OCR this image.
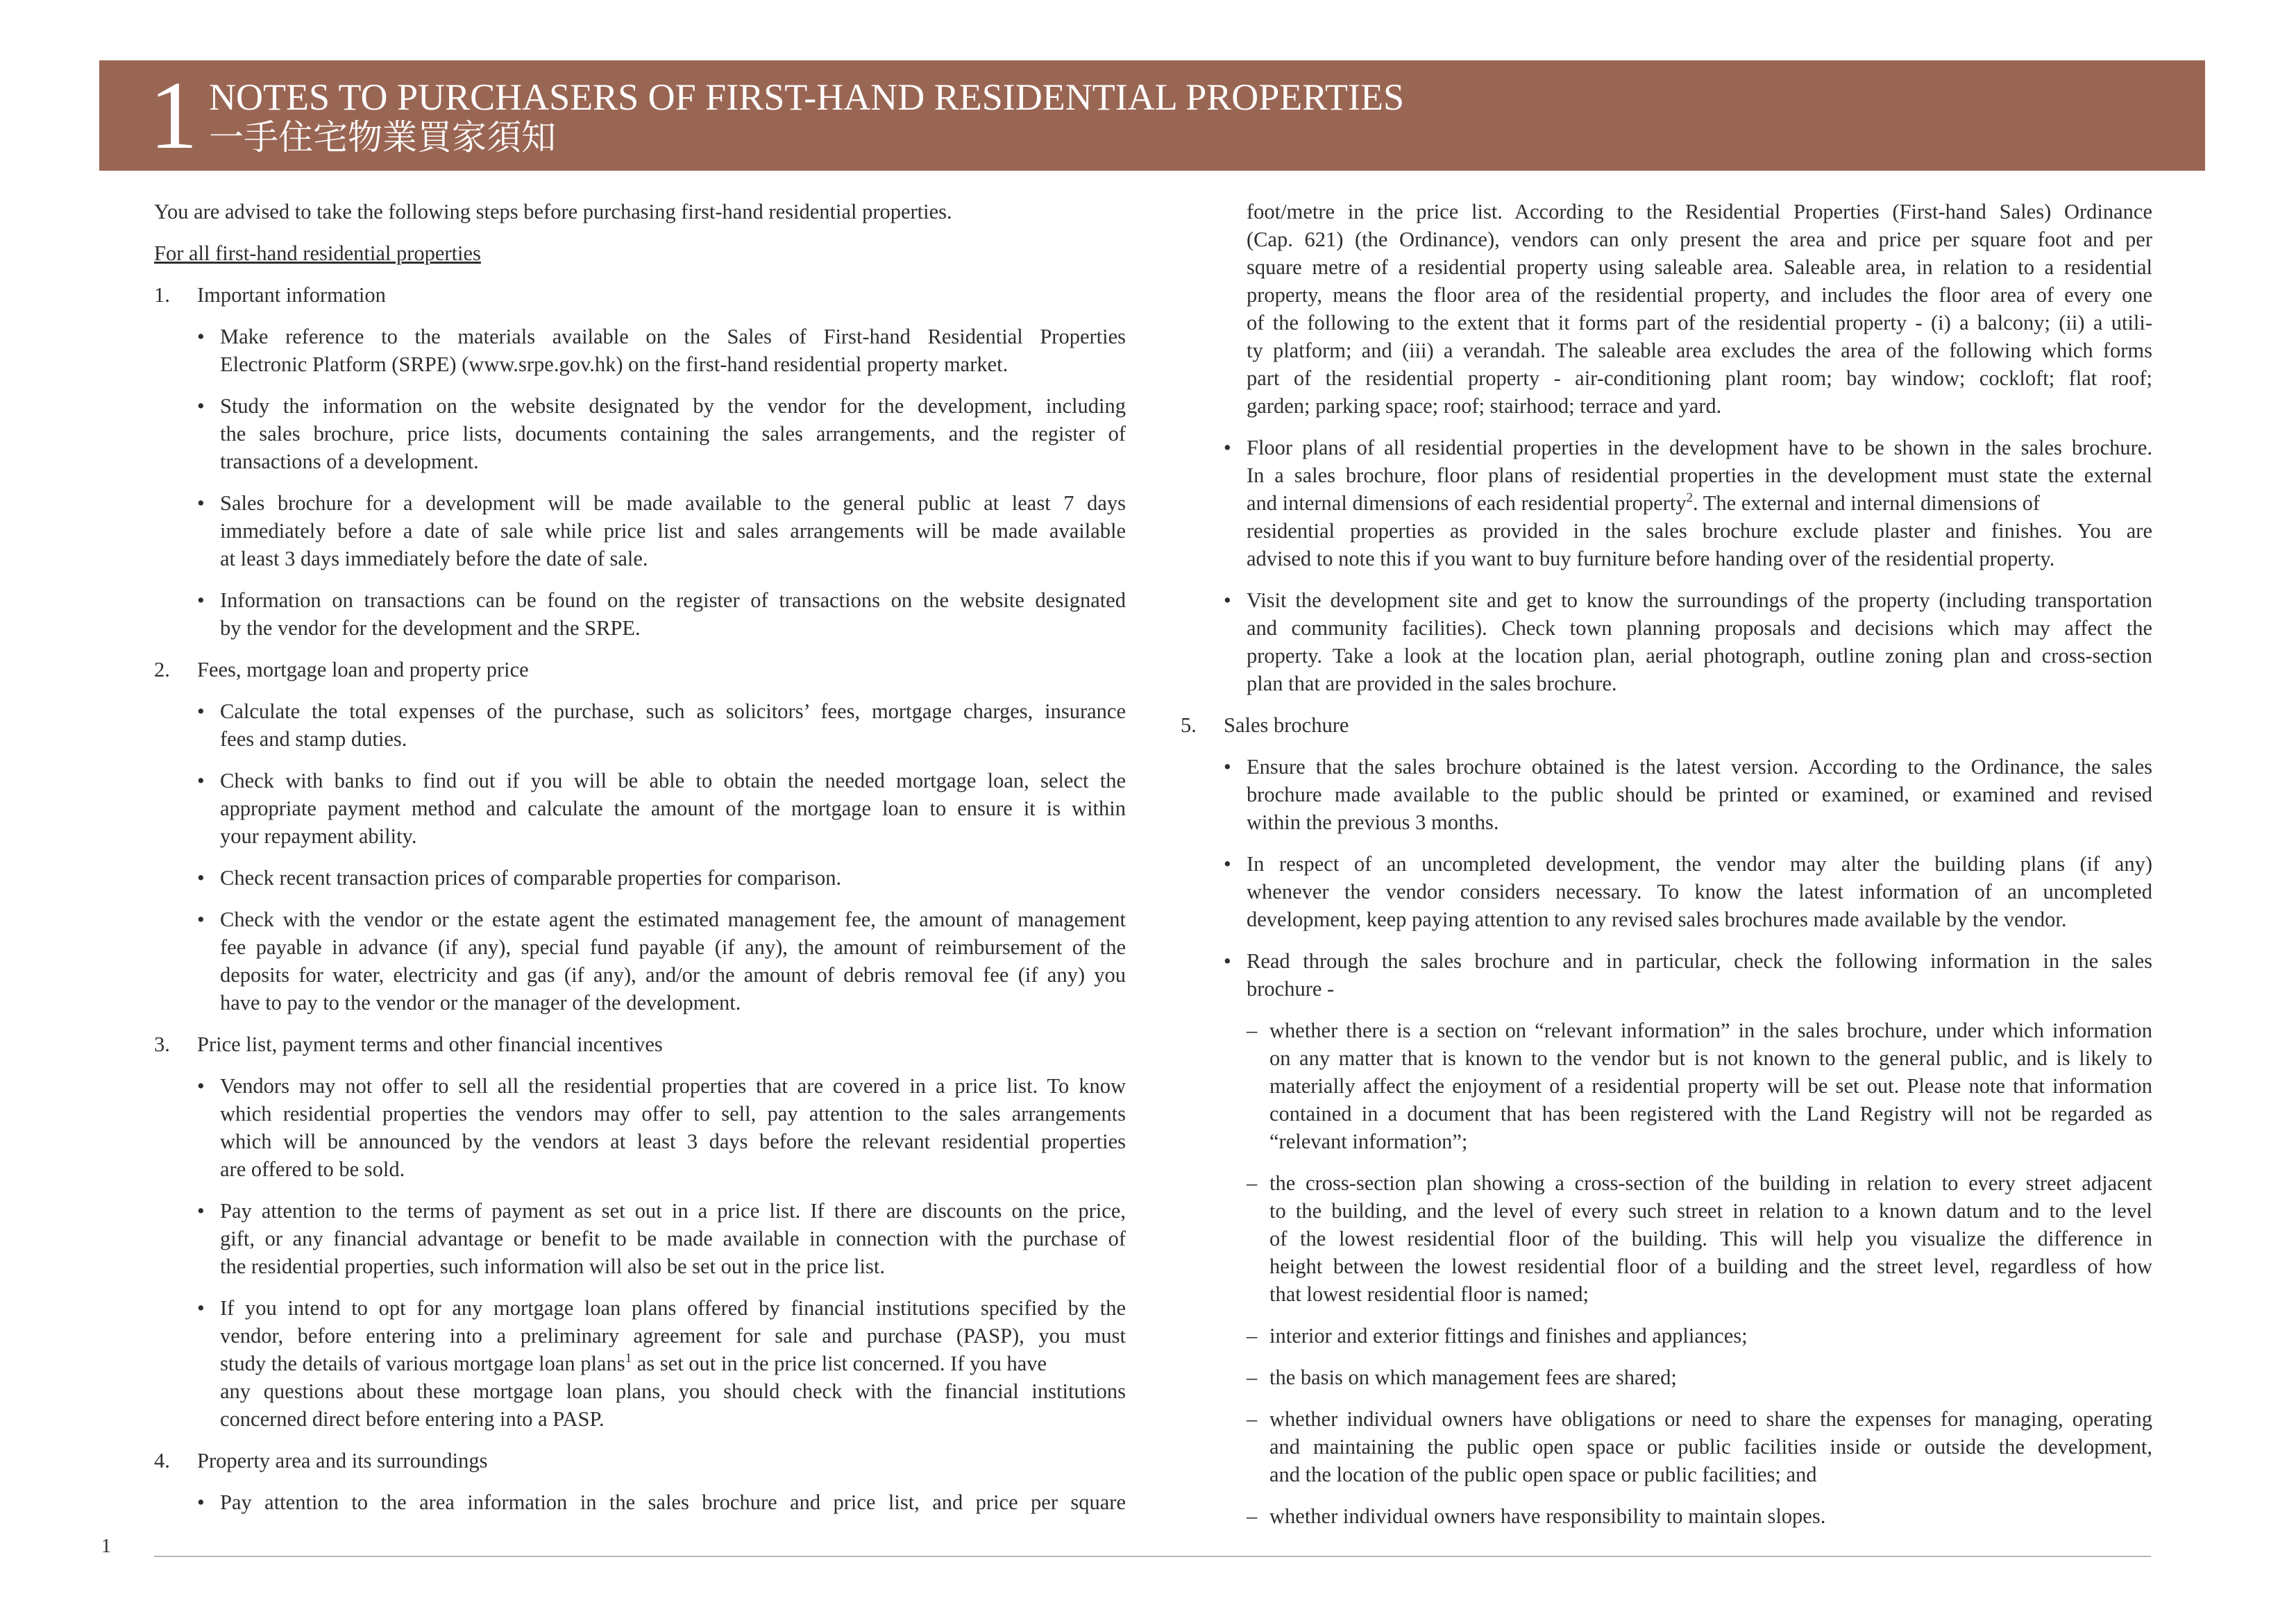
1 NOTES TO PURCHASERS OF FIRST-HAND RESIDENTIAL PROPERTIES
一手住宅物業買家須知
You are advised to take the following steps before purchasing first-hand residential properties.
For all first-hand residential properties
1. Important information
• Make reference to the materials available on the Sales of First-hand Residential Properties
Electronic Platform (SRPE) (www.srpe.gov.hk) on the first-hand residential property market.
• Study the information on the website designated by the vendor for the development, including
the sales brochure, price lists, documents containing the sales arrangements, and the register of
transactions of a development.
• Sales brochure for a development will be made available to the general public at least 7 days
immediately before a date of sale while price list and sales arrangements will be made available
at least 3 days immediately before the date of sale.
• Information on transactions can be found on the register of transactions on the website designated
by the vendor for the development and the SRPE.
2. Fees, mortgage loan and property price
• Calculate the total expenses of the purchase, such as solicitors’ fees, mortgage charges, insurance
fees and stamp duties.
• Check with banks to find out if you will be able to obtain the needed mortgage loan, select the
appropriate payment method and calculate the amount of the mortgage loan to ensure it is within
your repayment ability.
• Check recent transaction prices of comparable properties for comparison.
• Check with the vendor or the estate agent the estimated management fee, the amount of management
fee payable in advance (if any), special fund payable (if any), the amount of reimbursement of the
deposits for water, electricity and gas (if any), and/or the amount of debris removal fee (if any) you
have to pay to the vendor or the manager of the development.
3. Price list, payment terms and other financial incentives
• Vendors may not offer to sell all the residential properties that are covered in a price list. To know
which residential properties the vendors may offer to sell, pay attention to the sales arrangements
which will be announced by the vendors at least 3 days before the relevant residential properties
are offered to be sold.
• Pay attention to the terms of payment as set out in a price list. If there are discounts on the price,
gift, or any financial advantage or benefit to be made available in connection with the purchase of
the residential properties, such information will also be set out in the price list.
• If you intend to opt for any mortgage loan plans offered by financial institutions specified by the
vendor, before entering into a preliminary agreement for sale and purchase (PASP), you must
study the details of various mortgage loan plans$^1$ as set out in the price list concerned. If you have
any questions about these mortgage loan plans, you should check with the financial institutions
concerned direct before entering into a PASP.
4. Property area and its surroundings
• Pay attention to the area information in the sales brochure and price list, and price per square
foot/metre in the price list. According to the Residential Properties (First-hand Sales) Ordinance
(Cap. 621) (the Ordinance), vendors can only present the area and price per square foot and per
square metre of a residential property using saleable area. Saleable area, in relation to a residential
property, means the floor area of the residential property, and includes the floor area of every one
of the following to the extent that it forms part of the residential property - (i) a balcony; (ii) a utili-
ty platform; and (iii) a verandah. The saleable area excludes the area of the following which forms
part of the residential property - air-conditioning plant room; bay window; cockloft; flat roof;
garden; parking space; roof; stairhood; terrace and yard.
• Floor plans of all residential properties in the development have to be shown in the sales brochure.
In a sales brochure, floor plans of residential properties in the development must state the external
and internal dimensions of each residential property$^2$. The external and internal dimensions of
residential properties as provided in the sales brochure exclude plaster and finishes. You are
advised to note this if you want to buy furniture before handing over of the residential property.
• Visit the development site and get to know the surroundings of the property (including transportation
and community facilities). Check town planning proposals and decisions which may affect the
property. Take a look at the location plan, aerial photograph, outline zoning plan and cross-section
plan that are provided in the sales brochure.
5. Sales brochure
• Ensure that the sales brochure obtained is the latest version. According to the Ordinance, the sales
brochure made available to the public should be printed or examined, or examined and revised
within the previous 3 months.
• In respect of an uncompleted development, the vendor may alter the building plans (if any)
whenever the vendor considers necessary. To know the latest information of an uncompleted
development, keep paying attention to any revised sales brochures made available by the vendor.
• Read through the sales brochure and in particular, check the following information in the sales
brochure -
– whether there is a section on “relevant information” in the sales brochure, under which information
on any matter that is known to the vendor but is not known to the general public, and is likely to
materially affect the enjoyment of a residential property will be set out. Please note that information
contained in a document that has been registered with the Land Registry will not be regarded as
“relevant information”;
– the cross-section plan showing a cross-section of the building in relation to every street adjacent
to the building, and the level of every such street in relation to a known datum and to the level
of the lowest residential floor of the building. This will help you visualize the difference in
height between the lowest residential floor of a building and the street level, regardless of how
that lowest residential floor is named;
– interior and exterior fittings and finishes and appliances;
– the basis on which management fees are shared;
– whether individual owners have obligations or need to share the expenses for managing, operating
and maintaining the public open space or public facilities inside or outside the development,
and the location of the public open space or public facilities; and
– whether individual owners have responsibility to maintain slopes.
1
